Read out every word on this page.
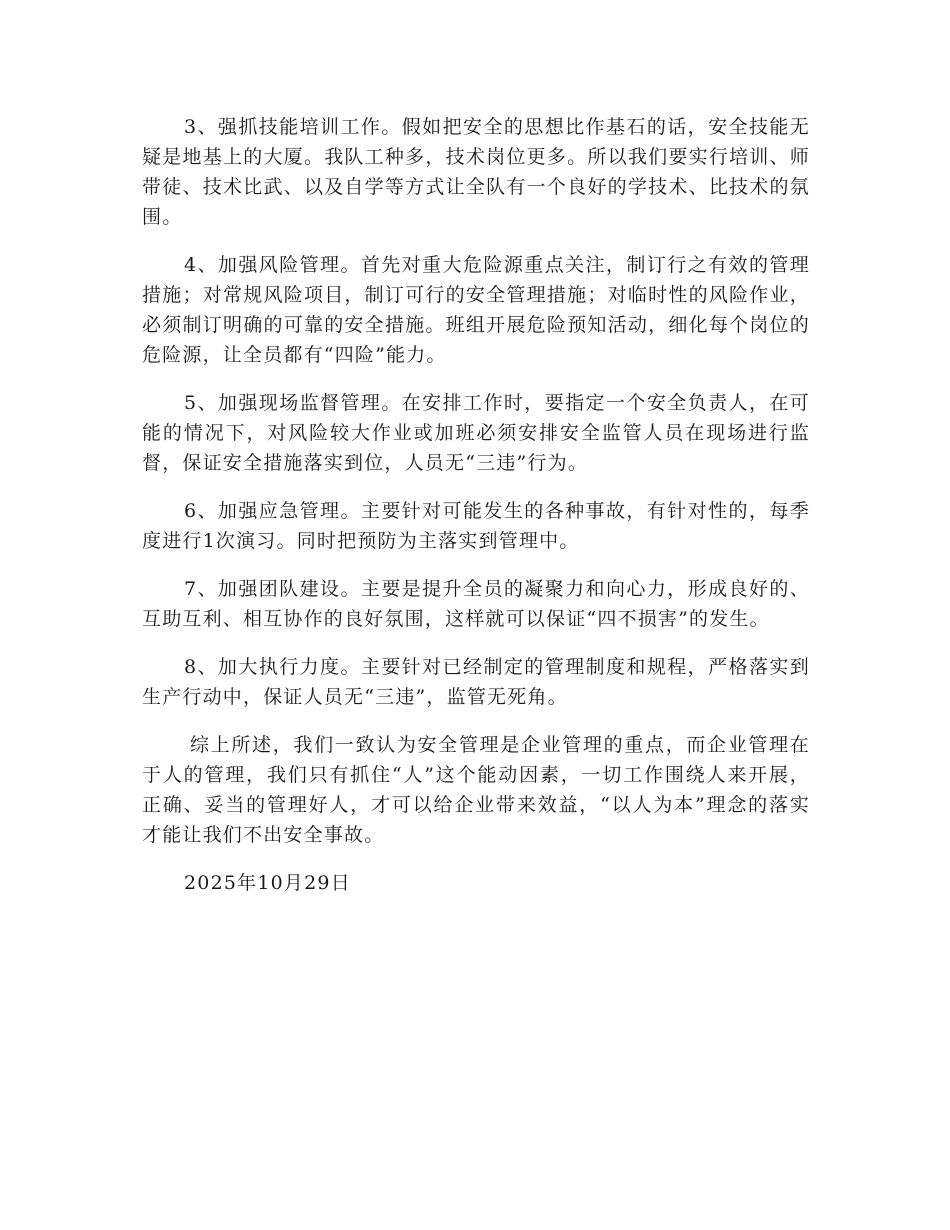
3、强抓技能培训工作。假如把安全的思想比作基石的话，安全技能无疑是地基上的大厦。我队工种多，技术岗位更多。所以我们要实行培训、师带徒、技术比武、以及自学等方式让全队有一个良好的学技术、比技术的氛围。

4、加强风险管理。首先对重大危险源重点关注，制订行之有效的管理措施；对常规风险项目，制订可行的安全管理措施；对临时性的风险作业，必须制订明确的可靠的安全措施。班组开展危险预知活动，细化每个岗位的危险源，让全员都有“四险”能力。

5、加强现场监督管理。在安排工作时，要指定一个安全负责人，在可能的情况下，对风险较大作业或加班必须安排安全监管人员在现场进行监督，保证安全措施落实到位，人员无“三违”行为。

6、加强应急管理。主要针对可能发生的各种事故，有针对性的，每季度进行1次演习。同时把预防为主落实到管理中。

7、加强团队建设。主要是提升全员的凝聚力和向心力，形成良好的、互助互利、相互协作的良好氛围，这样就可以保证“四不损害”的发生。

8、加大执行力度。主要针对已经制定的管理制度和规程，严格落实到生产行动中，保证人员无“三违”，监管无死角。

综上所述，我们一致认为安全管理是企业管理的重点，而企业管理在于人的管理，我们只有抓住“人”这个能动因素，一切工作围绕人来开展，正确、妥当的管理好人，才可以给企业带来效益，“以人为本”理念的落实才能让我们不出安全事故。

2025年10月29日
